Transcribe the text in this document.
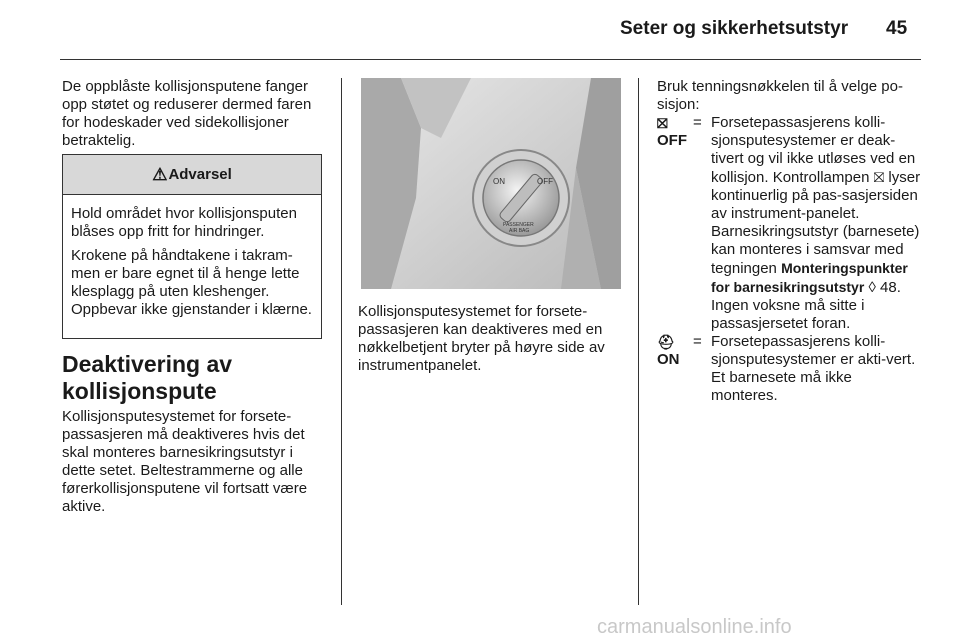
Seter og sikkerhetsutstyr 45

De oppblåste kollisjonsputene fanger opp støtet og reduserer dermed faren for hodeskader ved sidekollisjoner betraktelig.

⚠ Advarsel

Hold området hvor kollisjonsputen blåses opp fritt for hindringer.

Krokene på håndtakene i takram-men er bare egnet til å henge lette klesplagg på uten kleshenger. Oppbevar ikke gjenstander i klærne.

Deaktivering av
kollisjonspute

Kollisjonsputesystemet for forsete-passasjeren må deaktiveres hvis det skal monteres barnesikringsutstyr i dette setet. Beltestrammerne og alle førerkollisjonsputene vil fortsatt være aktive.

ON	OFF
PASSENGER
AIR BAG

Kollisjonsputesystemet for forsete-passasjeren kan deaktiveres med en nøkkelbetjent bryter på høyre side av instrumentpanelet.

Bruk tenningsnøkkelen til å velge po-sisjon:

⛝
OFF
= Forsetepassasjerens kolli-sjonsputesystemer er deak-tivert og vil ikke utløses ved en kollisjon. Kontrollampen ⛝ lyser kontinuerlig på pas-sasjersiden av instrument-panelet. Barnesikringsutstyr (barnesete) kan monteres i samsvar med tegningen Monteringspunkter for barnesikringsutstyr ◊ 48. Ingen voksne må sitte i passasjersetet foran.
⛑
ON
= Forsetepassasjerens kolli-sjonsputesystemer er akti-vert. Et barnesete må ikke monteres.
carmanualsonline.info
